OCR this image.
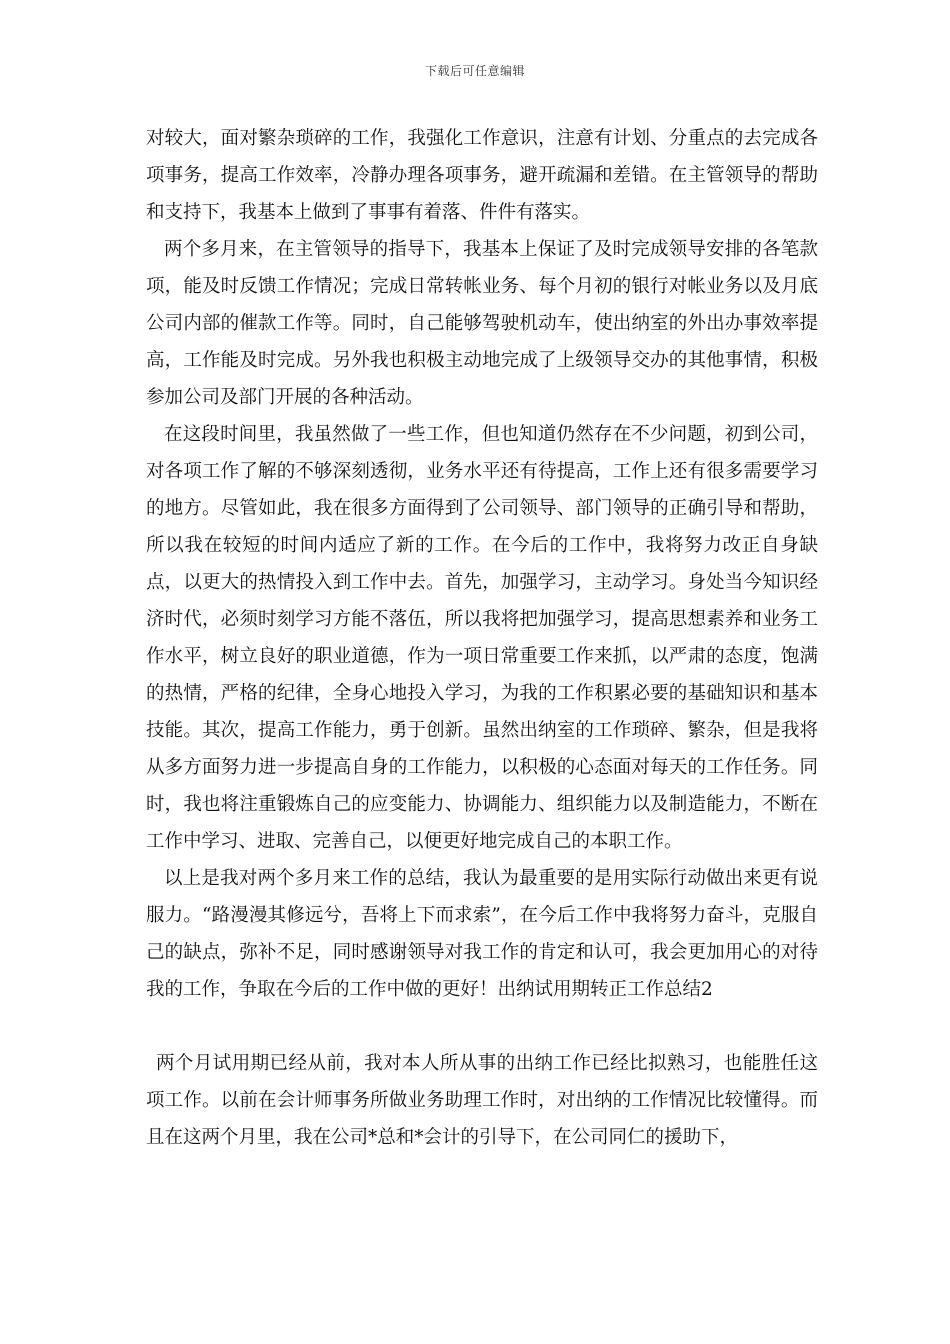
下载后可任意编辑

对较大，面对繁杂琐碎的工作，我强化工作意识，注意有计划、分重点的去完成各项事务，提高工作效率，冷静办理各项事务，避开疏漏和差错。在主管领导的帮助和支持下，我基本上做到了事事有着落、件件有落实。

两个多月来，在主管领导的指导下，我基本上保证了及时完成领导安排的各笔款项，能及时反馈工作情况；完成日常转帐业务、每个月初的银行对帐业务以及月底公司内部的催款工作等。同时，自己能够驾驶机动车，使出纳室的外出办事效率提高，工作能及时完成。另外我也积极主动地完成了上级领导交办的其他事情，积极参加公司及部门开展的各种活动。

在这段时间里，我虽然做了一些工作，但也知道仍然存在不少问题，初到公司，对各项工作了解的不够深刻透彻，业务水平还有待提高，工作上还有很多需要学习的地方。尽管如此，我在很多方面得到了公司领导、部门领导的正确引导和帮助，所以我在较短的时间内适应了新的工作。在今后的工作中，我将努力改正自身缺点，以更大的热情投入到工作中去。首先，加强学习，主动学习。身处当今知识经济时代，必须时刻学习方能不落伍，所以我将把加强学习，提高思想素养和业务工作水平，树立良好的职业道德，作为一项日常重要工作来抓，以严肃的态度，饱满的热情，严格的纪律，全身心地投入学习，为我的工作积累必要的基础知识和基本技能。其次，提高工作能力，勇于创新。虽然出纳室的工作琐碎、繁杂，但是我将从多方面努力进一步提高自身的工作能力，以积极的心态面对每天的工作任务。同时，我也将注重锻炼自己的应变能力、协调能力、组织能力以及制造能力，不断在工作中学习、进取、完善自己，以便更好地完成自己的本职工作。

以上是我对两个多月来工作的总结，我认为最重要的是用实际行动做出来更有说服力。“路漫漫其修远兮，吾将上下而求索”，在今后工作中我将努力奋斗，克服自己的缺点，弥补不足，同时感谢领导对我工作的肯定和认可，我会更加用心的对待我的工作，争取在今后的工作中做的更好！出纳试用期转正工作总结2

两个月试用期已经从前，我对本人所从事的出纳工作已经比拟熟习，也能胜任这项工作。以前在会计师事务所做业务助理工作时，对出纳的工作情况比较懂得。而且在这两个月里，我在公司*总和*会计的引导下，在公司同仁的援助下，
